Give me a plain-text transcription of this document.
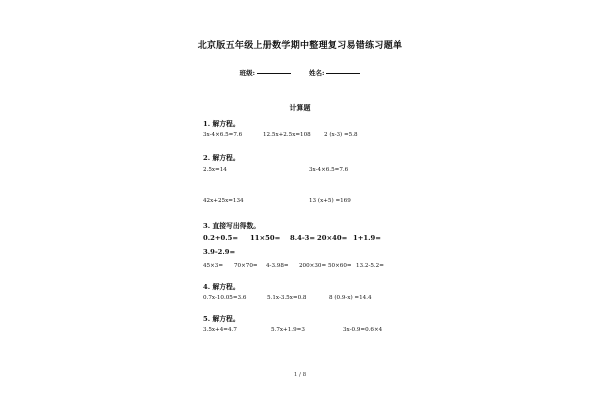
北京版五年级上册数学期中整理复习易错练习题单
班级:	姓名:
计算题
1. 解方程。
3x-4×6.5=7.6	12.5x+2.5x=108 2 (x-3) =5.8
2. 解方程。
2.5x=14	3x-4×6.5=7.6
42x+25x=134	13 (x+5) =169
3. 直接写出得数。
0.2+0.5= 11×50= 8.4-3= 20×40= 1+1.9=
3.9-2.9=
45×3= 70×70= 4-3.98= 200×30= 50×60= 13.2-5.2=
4. 解方程。
0.7x-10.05=3.6	5.1x-3.5x=0.8	8 (0.9-x) =14.4
5. 解方程。
3.5x+4=4.7	5.7x+1.9=3	3x-0.9=0.6×4
1 / 8
